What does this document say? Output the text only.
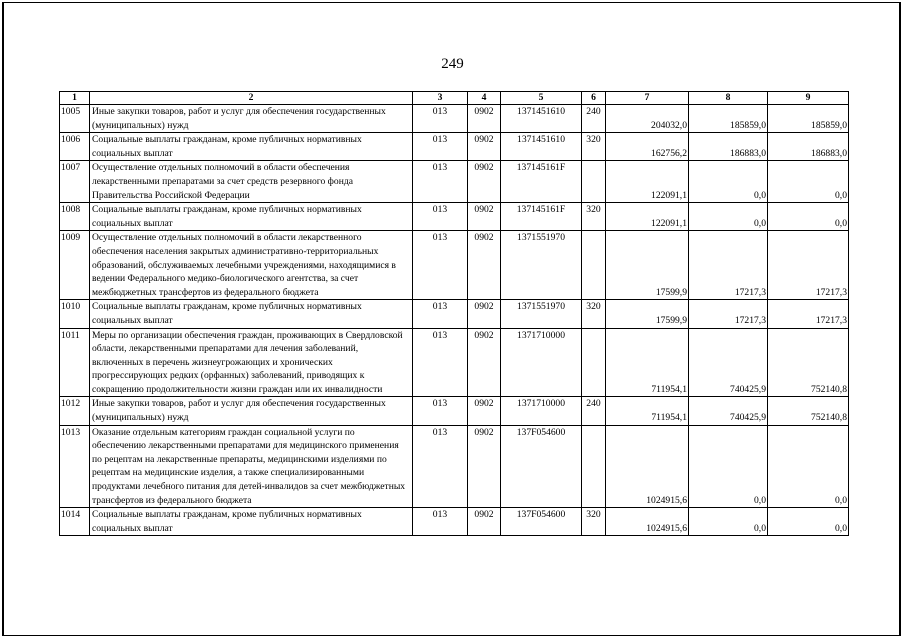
249
1	2	3	4	5	6	7	8	9
1005	Иные закупки товаров, работ и услуг для обеспечения государственных (муниципальных) нужд	013	0902	1371451610	240	204032,0	185859,0	185859,0
1006	Социальные выплаты гражданам, кроме публичных нормативных социальных выплат	013	0902	1371451610	320	162756,2	186883,0	186883,0
1007	Осуществление отдельных полномочий в области обеспечения лекарственными препаратами за счет средств резервного фонда Правительства Российской Федерации	013	0902	137145161F		122091,1	0,0	0,0
1008	Социальные выплаты гражданам, кроме публичных нормативных социальных выплат	013	0902	137145161F	320	122091,1	0,0	0,0
1009	Осуществление отдельных полномочий в области лекарственного обеспечения населения закрытых административно-территориальных образований, обслуживаемых лечебными учреждениями, находящимися в ведении Федерального медико-биологического агентства, за счет межбюджетных трансфертов из федерального бюджета	013	0902	1371551970		17599,9	17217,3	17217,3
1010	Социальные выплаты гражданам, кроме публичных нормативных социальных выплат	013	0902	1371551970	320	17599,9	17217,3	17217,3
1011	Меры по организации обеспечения граждан, проживающих в Свердловской области, лекарственными препаратами для лечения заболеваний, включенных в перечень жизнеугрожающих и хронических прогрессирующих редких (орфанных) заболеваний, приводящих к сокращению продолжительности жизни граждан или их инвалидности	013	0902	1371710000		711954,1	740425,9	752140,8
1012	Иные закупки товаров, работ и услуг для обеспечения государственных (муниципальных) нужд	013	0902	1371710000	240	711954,1	740425,9	752140,8
1013	Оказание отдельным категориям граждан социальной услуги по обеспечению лекарственными препаратами для медицинского применения по рецептам на лекарственные препараты, медицинскими изделиями по рецептам на медицинские изделия, а также специализированными продуктами лечебного питания для детей-инвалидов за счет межбюджетных трансфертов из федерального бюджета	013	0902	137F054600		1024915,6	0,0	0,0
1014	Социальные выплаты гражданам, кроме публичных нормативных социальных выплат	013	0902	137F054600	320	1024915,6	0,0	0,0
